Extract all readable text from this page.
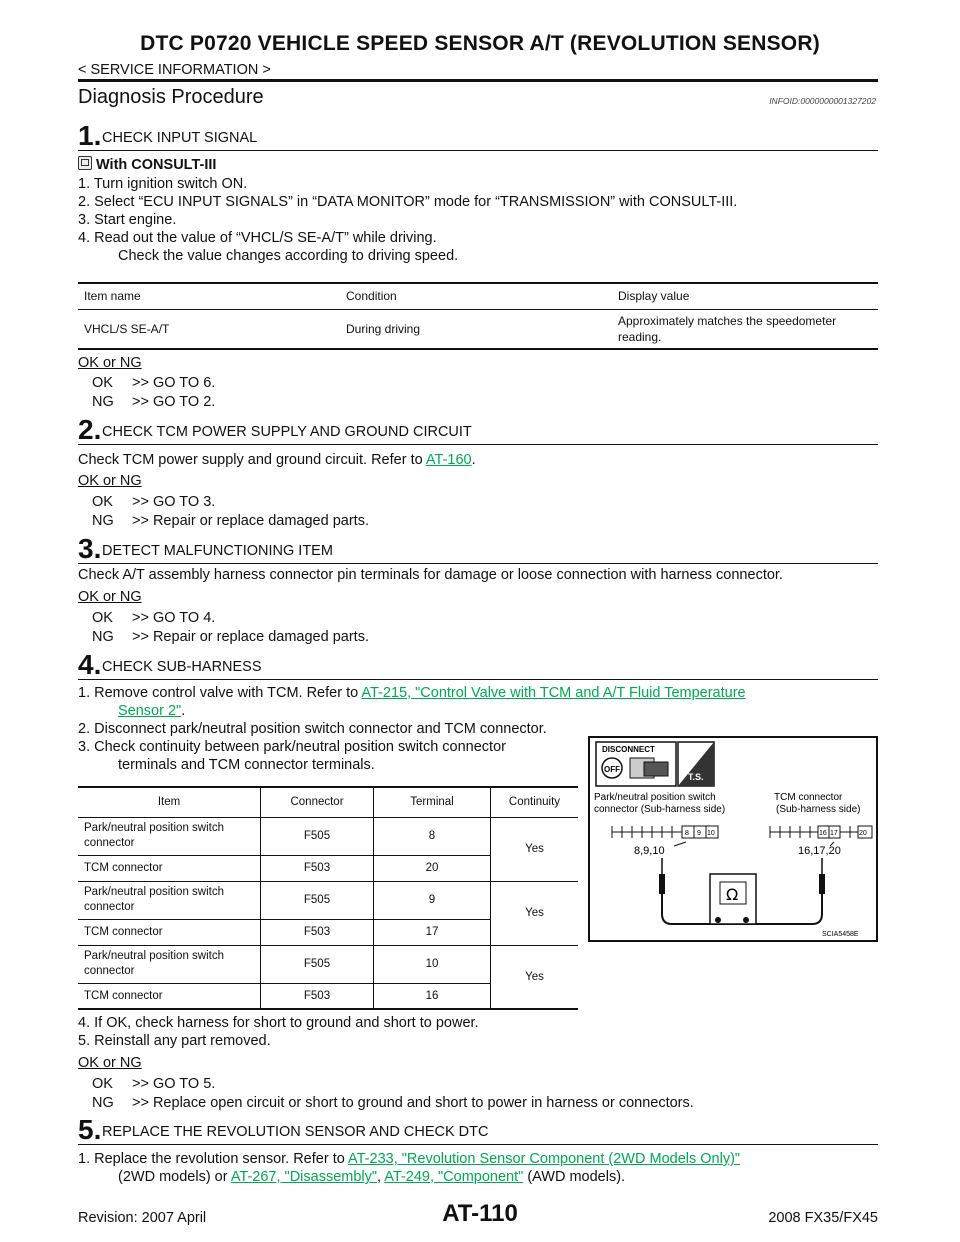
DTC P0720 VEHICLE SPEED SENSOR A/T (REVOLUTION SENSOR)
< SERVICE INFORMATION >
Diagnosis Procedure	INFOID:0000000001327202
1. CHECK INPUT SIGNAL
With CONSULT-III
1. Turn ignition switch ON.
2. Select “ECU INPUT SIGNALS” in “DATA MONITOR” mode for “TRANSMISSION” with CONSULT-III.
3. Start engine.
4. Read out the value of “VHCL/S SE-A/T” while driving.
Check the value changes according to driving speed.
Item name	Condition	Display value
VHCL/S SE-A/T	During driving	Approximately matches the speedometer
reading.
OK or NG
OK >> GO TO 6.
NG >> GO TO 2.
2. CHECK TCM POWER SUPPLY AND GROUND CIRCUIT
Check TCM power supply and ground circuit. Refer to AT-160.
OK or NG
OK >> GO TO 3.
NG >> Repair or replace damaged parts.
3. DETECT MALFUNCTIONING ITEM
Check A/T assembly harness connector pin terminals for damage or loose connection with harness connector.
OK or NG
OK >> GO TO 4.
NG >> Repair or replace damaged parts.
4. CHECK SUB-HARNESS
1. Remove control valve with TCM. Refer to AT-215, "Control Valve with TCM and A/T Fluid Temperature
Sensor 2".
2. Disconnect park/neutral position switch connector and TCM connector.
3. Check continuity between park/neutral position switch connector
terminals and TCM connector terminals.
Item	Connector	Terminal	Continuity
Park/neutral position switch
connector	F505	8	Yes
TCM connector	F503	20	
Park/neutral position switch
connector	F505	9	Yes
TCM connector	F503	17	
Park/neutral position switch
connector	F505	10	Yes
TCM connector	F503	16	
DISCONNECT
OFF
T.S.
Park/neutral position switch
connector (Sub-harness side)
TCM connector
(Sub-harness side)
8 9 10	16 17	20
8,9,10	16,17,20
Ω
SCIA5458E
4. If OK, check harness for short to ground and short to power.
5. Reinstall any part removed.
OK or NG
OK >> GO TO 5.
NG >> Replace open circuit or short to ground and short to power in harness or connectors.
5. REPLACE THE REVOLUTION SENSOR AND CHECK DTC
1. Replace the revolution sensor. Refer to AT-233, "Revolution Sensor Component (2WD Models Only)"
(2WD models) or AT-267, "Disassembly", AT-249, "Component" (AWD models).
Revision: 2007 April	AT-110	2008 FX35/FX45
